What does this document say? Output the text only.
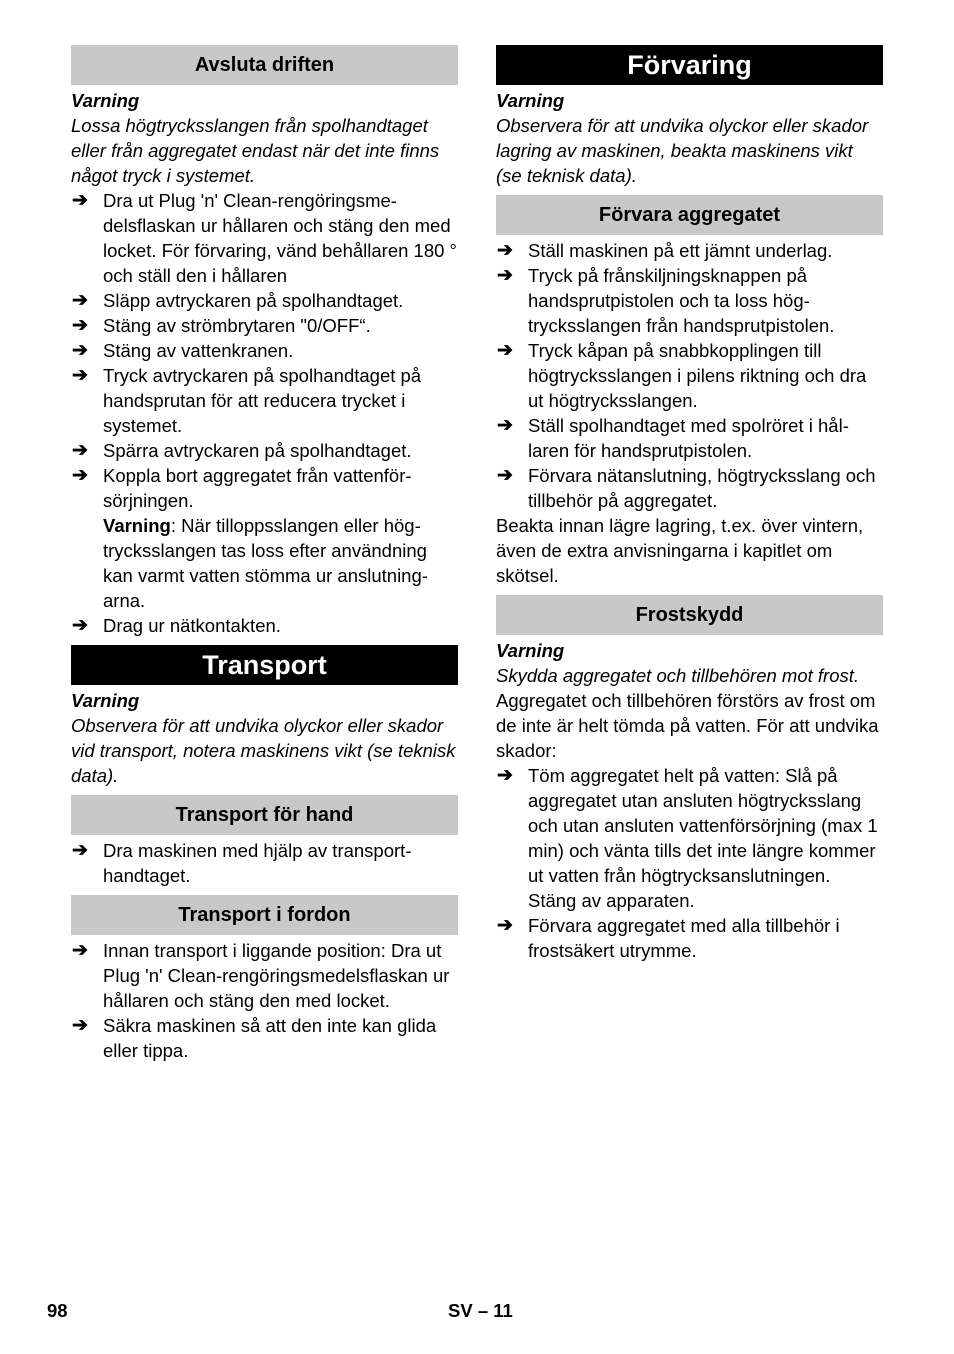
Avsluta driften
Varning
Lossa högtrycksslangen från spolhandtaget eller från aggregatet endast när det inte finns något tryck i systemet.
➔ Dra ut Plug 'n' Clean-rengöringsmedelsflaskan ur hållaren och stäng den med locket. För förvaring, vänd behållaren 180 ° och ställ den i hållaren
➔ Släpp avtryckaren på spolhandtaget.
➔ Stäng av strömbrytaren "0/OFF“.
➔ Stäng av vattenkranen.
➔ Tryck avtryckaren på spolhandtaget på handsprutan för att reducera trycket i systemet.
➔ Spärra avtryckaren på spolhandtaget.
➔ Koppla bort aggregatet från vattenförsörjningen.
Varning: När tilloppsslangen eller högtrycksslangen tas loss efter användning kan varmt vatten stömma ur anslutningarna.
➔ Drag ur nätkontakten.
Transport
Varning
Observera för att undvika olyckor eller skador vid transport, notera maskinens vikt (se teknisk data).
Transport för hand
➔ Dra maskinen med hjälp av transporthandtaget.
Transport i fordon
➔ Innan transport i liggande position: Dra ut Plug 'n' Clean-rengöringsmedelsflaskan ur hållaren och stäng den med locket.
➔ Säkra maskinen så att den inte kan glida eller tippa.
Förvaring
Varning
Observera för att undvika olyckor eller skador lagring av maskinen, beakta maskinens vikt (se teknisk data).
Förvara aggregatet
➔ Ställ maskinen på ett jämnt underlag.
➔ Tryck på frånskiljningsknappen på handsprutpistolen och ta loss högtrycksslangen från handsprutpistolen.
➔ Tryck kåpan på snabbkopplingen till högtrycksslangen i pilens riktning och dra ut högtrycksslangen.
➔ Ställ spolhandtaget med spolröret i hållaren för handsprutpistolen.
➔ Förvara nätanslutning, högtrycksslang och tillbehör på aggregatet.
Beakta innan lägre lagring, t.ex. över vintern, även de extra anvisningarna i kapitlet om skötsel.
Frostskydd
Varning
Skydda aggregatet och tillbehören mot frost.
Aggregatet och tillbehören förstörs av frost om de inte är helt tömda på vatten. För att undvika skador:
➔ Töm aggregatet helt på vatten: Slå på aggregatet utan ansluten högtrycksslang och utan ansluten vattenförsörjning (max 1 min) och vänta tills det inte längre kommer ut vatten från högtrycksanslutningen. Stäng av apparaten.
➔ Förvara aggregatet med alla tillbehör i frostsäkert utrymme.
98	SV – 11
